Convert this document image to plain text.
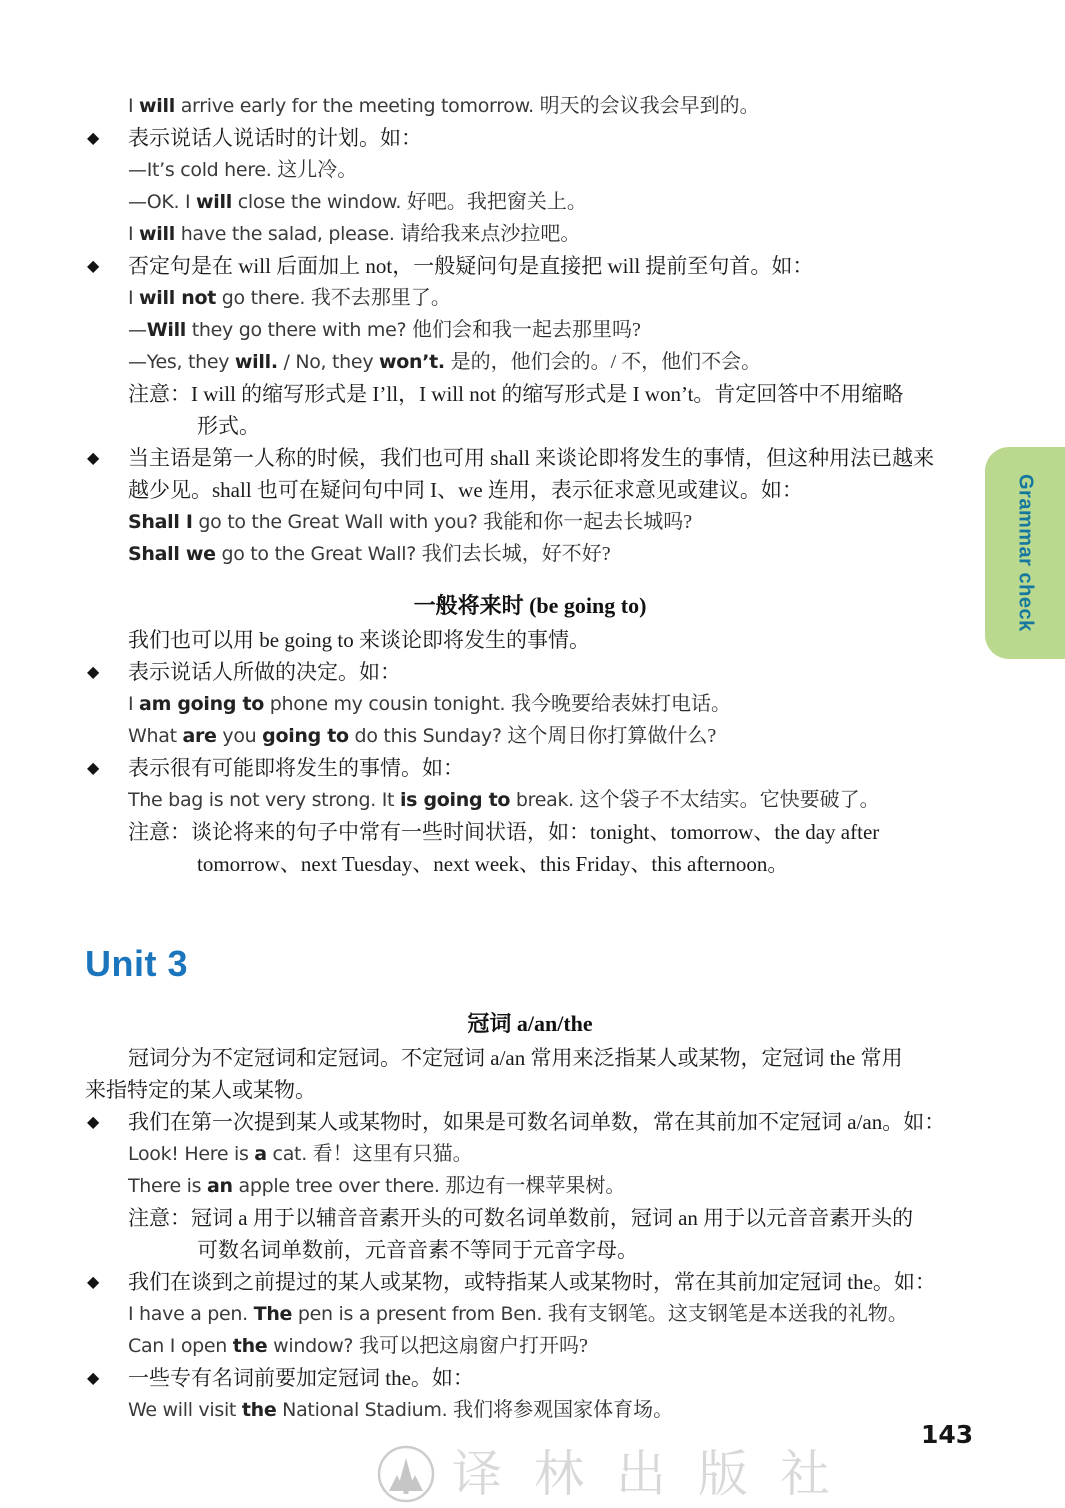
I will arrive early for the meeting tomorrow. 明天的会议我会早到的。
◆ 表示说话人说话时的计划。如：
—It’s cold here. 这儿冷。
—OK. I will close the window. 好吧。我把窗关上。
I will have the salad, please. 请给我来点沙拉吧。
◆ 否定句是在 will 后面加上 not，一般疑问句是直接把 will 提前至句首。如：
I will not go there. 我不去那里了。
—Will they go there with me? 他们会和我一起去那里吗?
—Yes, they will. / No, they won’t. 是的，他们会的。/ 不，他们不会。
注意：I will 的缩写形式是 I’ll，I will not 的缩写形式是 I won’t。肯定回答中不用缩略
形式。
◆ 当主语是第一人称的时候，我们也可用 shall 来谈论即将发生的事情，但这种用法已越来
越少见。shall 也可在疑问句中同 I、we 连用，表示征求意见或建议。如：
Shall I go to the Great Wall with you? 我能和你一起去长城吗?
Shall we go to the Great Wall? 我们去长城，好不好?
一般将来时 (be going to)
我们也可以用 be going to 来谈论即将发生的事情。
◆ 表示说话人所做的决定。如：
I am going to phone my cousin tonight. 我今晚要给表妹打电话。
What are you going to do this Sunday? 这个周日你打算做什么?
◆ 表示很有可能即将发生的事情。如：
The bag is not very strong. It is going to break. 这个袋子不太结实。它快要破了。
注意：谈论将来的句子中常有一些时间状语，如：tonight、tomorrow、the day after
tomorrow、next Tuesday、next week、this Friday、this afternoon。
Unit 3
冠词 a/an/the
冠词分为不定冠词和定冠词。不定冠词 a/an 常用来泛指某人或某物，定冠词 the 常用
来指特定的某人或某物。
◆ 我们在第一次提到某人或某物时，如果是可数名词单数，常在其前加不定冠词 a/an。如：
Look! Here is a cat. 看！这里有只猫。
There is an apple tree over there. 那边有一棵苹果树。
注意：冠词 a 用于以辅音音素开头的可数名词单数前，冠词 an 用于以元音音素开头的
可数名词单数前，元音音素不等同于元音字母。
◆ 我们在谈到之前提过的某人或某物，或特指某人或某物时，常在其前加定冠词 the。如：
I have a pen. The pen is a present from Ben. 我有支钢笔。这支钢笔是本送我的礼物。
Can I open the window? 我可以把这扇窗户打开吗?
◆ 一些专有名词前要加定冠词 the。如：
We will visit the National Stadium. 我们将参观国家体育场。
Grammar check
143
译林出版社
